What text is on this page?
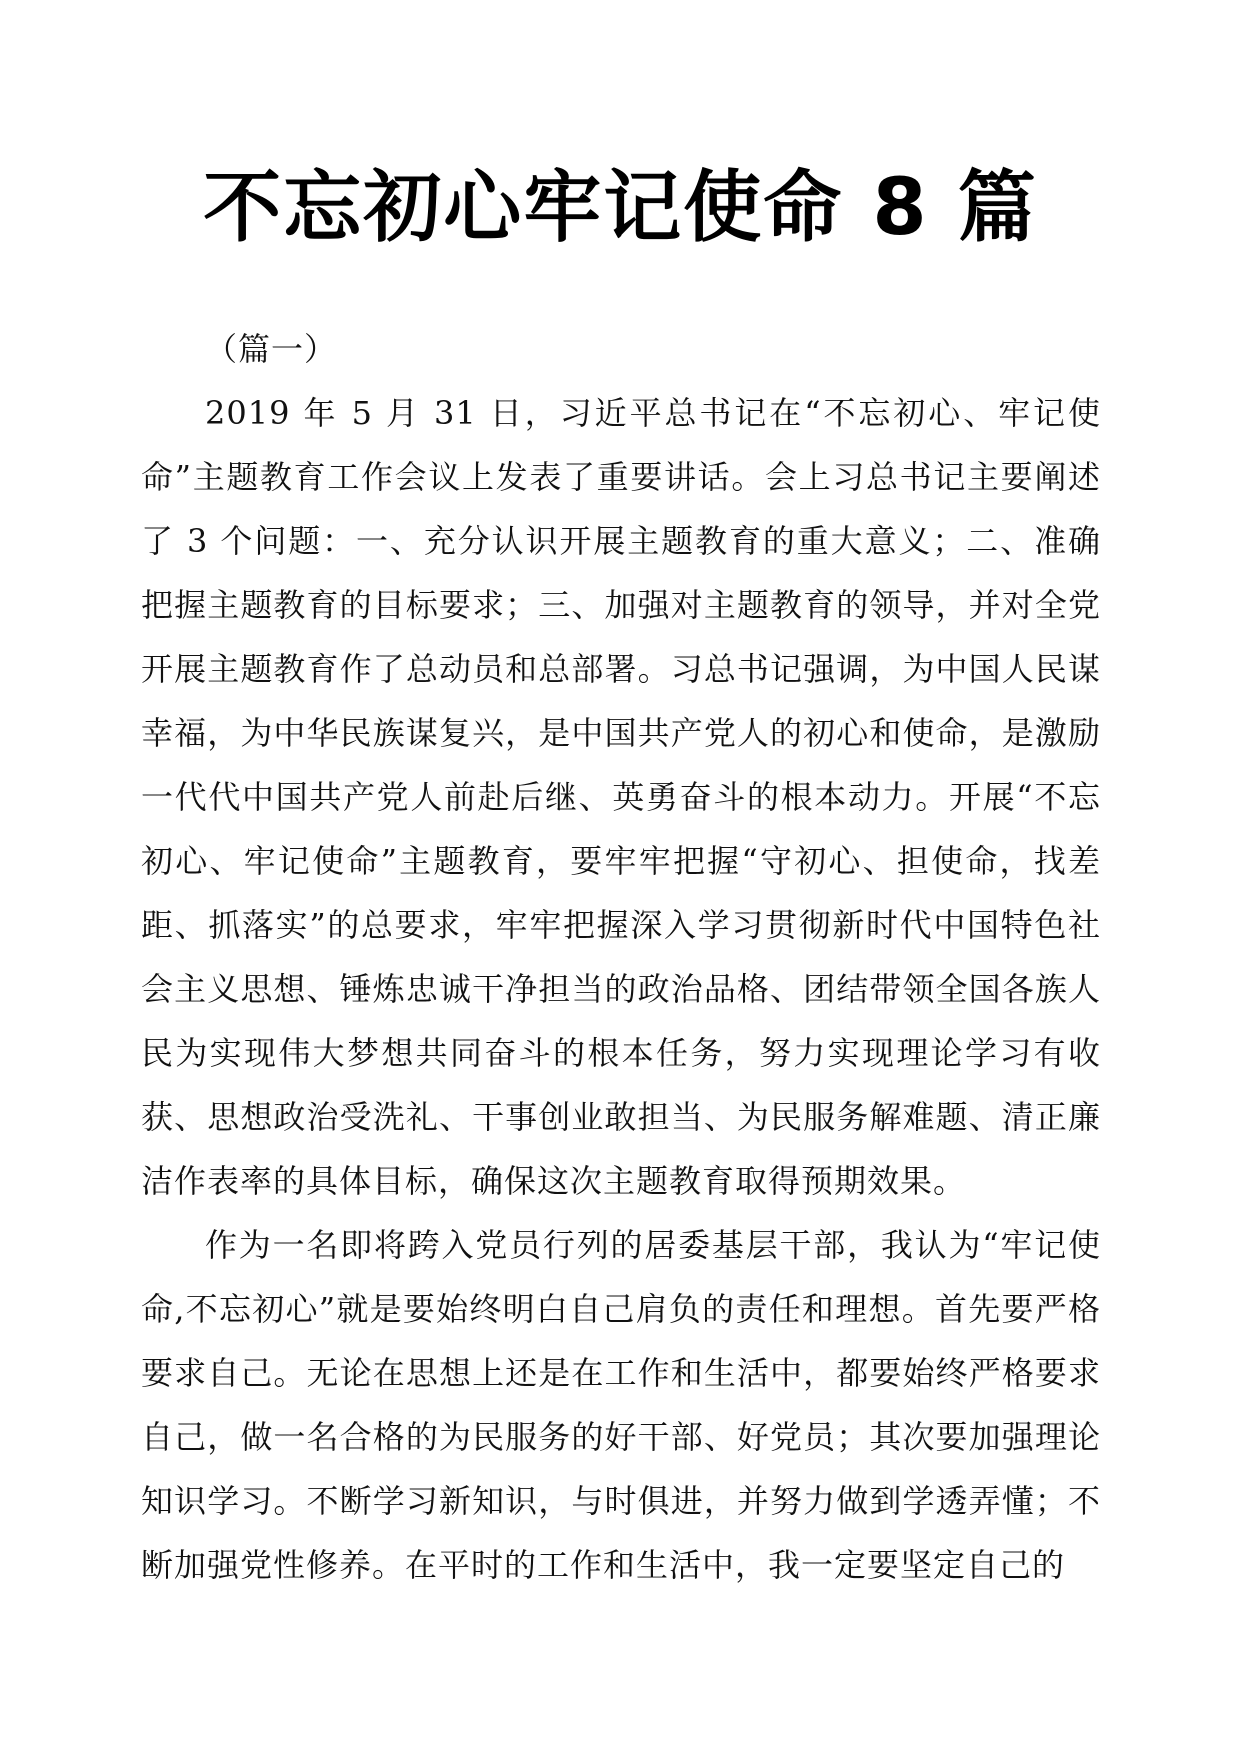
不忘初心牢记使命 8 篇

（篇一）

2019 年 5 月 31 日，习近平总书记在“不忘初心、牢记使命”主题教育工作会议上发表了重要讲话。会上习总书记主要阐述了 3 个问题：一、充分认识开展主题教育的重大意义；二、准确把握主题教育的目标要求；三、加强对主题教育的领导，并对全党开展主题教育作了总动员和总部署。习总书记强调，为中国人民谋幸福，为中华民族谋复兴，是中国共产党人的初心和使命，是激励一代代中国共产党人前赴后继、英勇奋斗的根本动力。开展“不忘初心、牢记使命”主题教育，要牢牢把握“守初心、担使命，找差距、抓落实”的总要求，牢牢把握深入学习贯彻新时代中国特色社会主义思想、锤炼忠诚干净担当的政治品格、团结带领全国各族人民为实现伟大梦想共同奋斗的根本任务，努力实现理论学习有收获、思想政治受洗礼、干事创业敢担当、为民服务解难题、清正廉洁作表率的具体目标，确保这次主题教育取得预期效果。

作为一名即将跨入党员行列的居委基层干部，我认为“牢记使命,不忘初心”就是要始终明白自己肩负的责任和理想。首先要严格要求自己。无论在思想上还是在工作和生活中，都要始终严格要求自己，做一名合格的为民服务的好干部、好党员；其次要加强理论知识学习。不断学习新知识，与时俱进，并努力做到学透弄懂；不断加强党性修养。在平时的工作和生活中，我一定要坚定自己的
